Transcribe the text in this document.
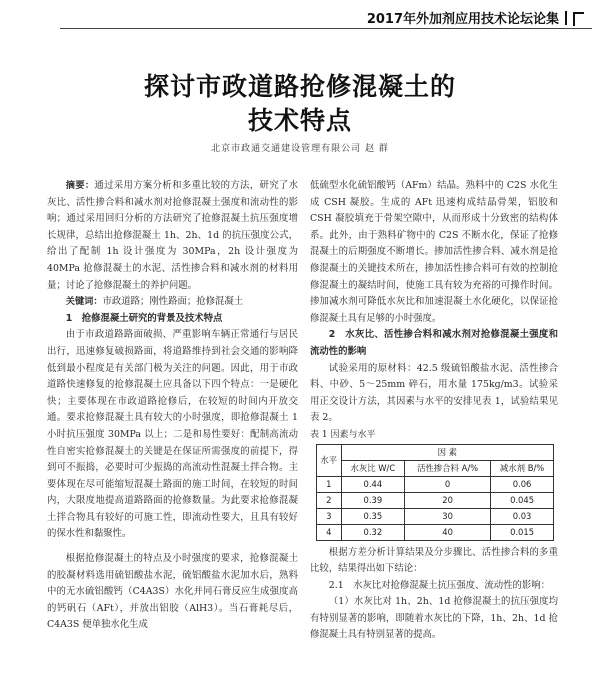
2017年外加剂应用技术论坛论集
探讨市政道路抢修混凝土的
技术特点
北京市政通交通建设管理有限公司 赵 群

摘要：通过采用方案分析和多重比较的方法，研究了水灰比、活性掺合料和减水剂对抢修混凝土强度和流动性的影响；通过采用回归分析的方法研究了抢修混凝土抗压强度增长规律，总结出抢修混凝土 1h、2h、1d 的抗压强度公式，给出了配制 1h 设计强度为 30MPa，2h 设计强度为 40MPa 抢修混凝土的水泥、活性掺合料和减水剂的材料用量；讨论了抢修混凝土的养护问题。

关键词：市政道路；刚性路面；抢修混凝土

1　抢修混凝土研究的背景及技术特点

由于市政道路路面破损、严重影响车辆正常通行与居民出行，迅速修复破损路面，将道路维持到社会交通的影响降低到最小程度是有关部门极为关注的问题。因此，用于市政道路快速修复的抢修混凝土应具备以下四个特点：一是硬化快；主要体现在市政道路抢修后，在较短的时间内开放交通。要求抢修混凝土具有较大的小时强度，即抢修混凝土 1 小时抗压强度 30MPa 以上；二是和易性要好：配制高流动性自密实抢修混凝土的关键是在保证所需强度的前提下，得到可不振捣，必要时可少振捣的高流动性混凝土拌合物。主要体现在尽可能缩短混凝土路面的施工时间，在较短的时间内，大限度地提高道路路面的抢修数量。为此要求抢修混凝土拌合物具有较好的可施工性，即流动性要大，且具有较好的保水性和黏聚性。

根据抢修混凝土的特点及小时强度的要求，抢修混凝土的胶凝材料选用硫铝酸盐水泥，硫铝酸盐水泥加水后，熟料中的无水硫铝酸钙（C4A3S）水化并同石膏反应生成强度高的钙矾石（AFt），并放出铝胶（AlH3）。当石膏耗尽后，C4A3S 便单独水化生成

低硫型水化硫铝酸钙（AFm）结晶。熟料中的 C2S 水化生成 CSH 凝胶。生成的 AFt 迅速构成结晶骨架，铝胶和 CSH 凝胶填充于骨架空隙中，从而形成十分致密的结构体系。此外，由于熟料矿物中的 C2S 不断水化，保证了抢修混凝土的后期强度不断增长。掺加活性掺合料、减水剂是抢修混凝土的关键技术所在，掺加活性掺合料可有效的控制抢修混凝土的凝结时间，使施工具有较为充裕的可操作时间。掺加减水剂可降低水灰比和加速混凝土水化硬化，以保证抢修混凝土具有足够的小时强度。

2　水灰比、活性掺合料和减水剂对抢修混凝土强度和流动性的影响

试验采用的原材料：42.5 级硫铝酸盐水泥、活性掺合料、中砂、5～25mm 碎石，用水量 175kg/m3。试验采用正交设计方法，其因素与水平的安排见表 1，试验结果见表 2。

表 1 因素与水平

水平	因 素		
	水灰比 W/C	活性掺合料 A/%	减水剂 B/%
1	0.44	0	0.06
2	0.39	20	0.045
3	0.35	30	0.03
4	0.32	40	0.015

根据方差分析计算结果及分步骤比、活性掺合料的多重比较，结果得出如下结论：

2.1　水灰比对抢修混凝土抗压强度、流动性的影响：

（1）水灰比对 1h、2h、1d 抢修混凝土的抗压强度均有特别显著的影响，即随着水灰比的下降，1h、2h、1d 抢修混凝土具有特别显著的提高。
